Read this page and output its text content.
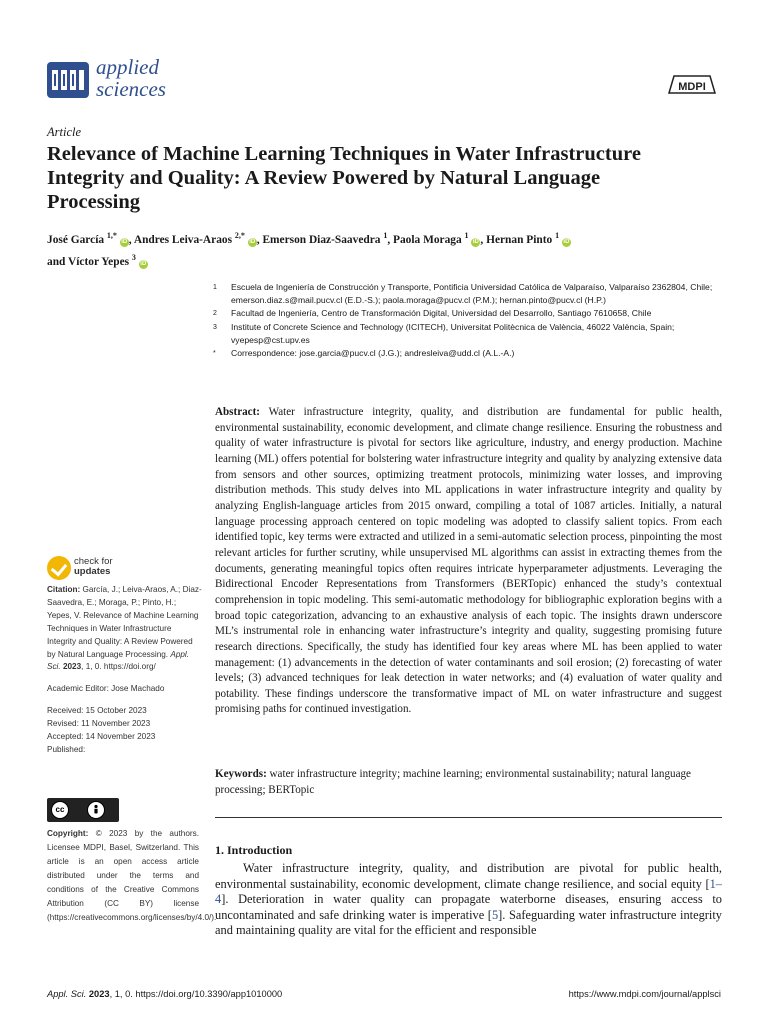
applied
sciences	MDPI
Article
Relevance of Machine Learning Techniques in Water Infrastructure Integrity and Quality: A Review Powered by Natural Language Processing
José García $^{1,*}$ iD , Andres Leiva-Araos $^{2,*}$ iD , Emerson Diaz-Saavedra $^1$, Paola Moraga $^1$ iD , Hernan Pinto $^1$ iD
and Víctor Yepes $^3$ iD
1	Escuela de Ingeniería de Construcción y Transporte, Pontificia Universidad Católica de Valparaíso, Valparaíso 2362804, Chile; emerson.diaz.s@mail.pucv.cl (E.D.-S.); paola.moraga@pucv.cl (P.M.); hernan.pinto@pucv.cl (H.P.)
2	Facultad de Ingeniería, Centro de Transformación Digital, Universidad del Desarrollo, Santiago 7610658, Chile
3	Institute of Concrete Science and Technology (ICITECH), Universitat Politècnica de València, 46022 València, Spain; vyepesp@cst.upv.es
*	Correspondence: jose.garcia@pucv.cl (J.G.); andresleiva@udd.cl (A.L.-A.)
Abstract: Water infrastructure integrity, quality, and distribution are fundamental for public health, environmental sustainability, economic development, and climate change resilience. Ensuring the robustness and quality of water infrastructure is pivotal for sectors like agriculture, industry, and energy production. Machine learning (ML) offers potential for bolstering water infrastructure integrity and quality by analyzing extensive data from sensors and other sources, optimizing treatment protocols, minimizing water losses, and improving distribution methods. This study delves into ML applications in water infrastructure integrity and quality by analyzing English-language articles from 2015 onward, compiling a total of 1087 articles. Initially, a natural language processing approach centered on topic modeling was adopted to classify salient topics. From each identified topic, key terms were extracted and utilized in a semi-automatic selection process, pinpointing the most relevant articles for further scrutiny, while unsupervised ML algorithms can assist in extracting themes from the documents, generating meaningful topics often requires intricate hyperparameter adjustments. Leveraging the Bidirectional Encoder Representations from Transformers (BERTopic) enhanced the study’s contextual comprehension in topic modeling. This semi-automatic methodology for bibliographic exploration begins with a broad topic categorization, advancing to an exhaustive analysis of each topic. The insights drawn underscore ML’s instrumental role in enhancing water infrastructure’s integrity and quality, suggesting promising future research directions. Specifically, the study has identified four key areas where ML has been applied to water management: (1) advancements in the detection of water contaminants and soil erosion; (2) forecasting of water levels; (3) advanced techniques for leak detection in water networks; and (4) evaluation of water quality and potability. These findings underscore the transformative impact of ML on water infrastructure and suggest promising paths for continued investigation.
Keywords: water infrastructure integrity; machine learning; environmental sustainability; natural language processing; BERTopic
1. Introduction
Water infrastructure integrity, quality, and distribution are pivotal for public health, environmental sustainability, economic development, climate change resilience, and social equity [1–4]. Deterioration in water quality can propagate waterborne diseases, ensuring access to uncontaminated and safe drinking water is imperative [5]. Safeguarding water infrastructure integrity and maintaining quality are vital for the efficient and responsible
check for
updates

Citation: García, J.; Leiva-Araos, A.; Diaz-Saavedra, E.; Moraga, P.; Pinto, H.; Yepes, V. Relevance of Machine Learning Techniques in Water Infrastructure Integrity and Quality: A Review Powered by Natural Language Processing. Appl. Sci. 2023, 1, 0. https://doi.org/

Academic Editor: Jose Machado

Received: 15 October 2023

Revised: 11 November 2023

Accepted: 14 November 2023

Published:

cc
BY
Copyright: © 2023 by the authors. Licensee MDPI, Basel, Switzerland. This article is an open access article distributed under the terms and conditions of the Creative Commons Attribution (CC BY) license (https://creativecommons.org/licenses/by/4.0/).
Appl. Sci. 2023, 1, 0. https://doi.org/10.3390/app1010000	https://www.mdpi.com/journal/applsci
